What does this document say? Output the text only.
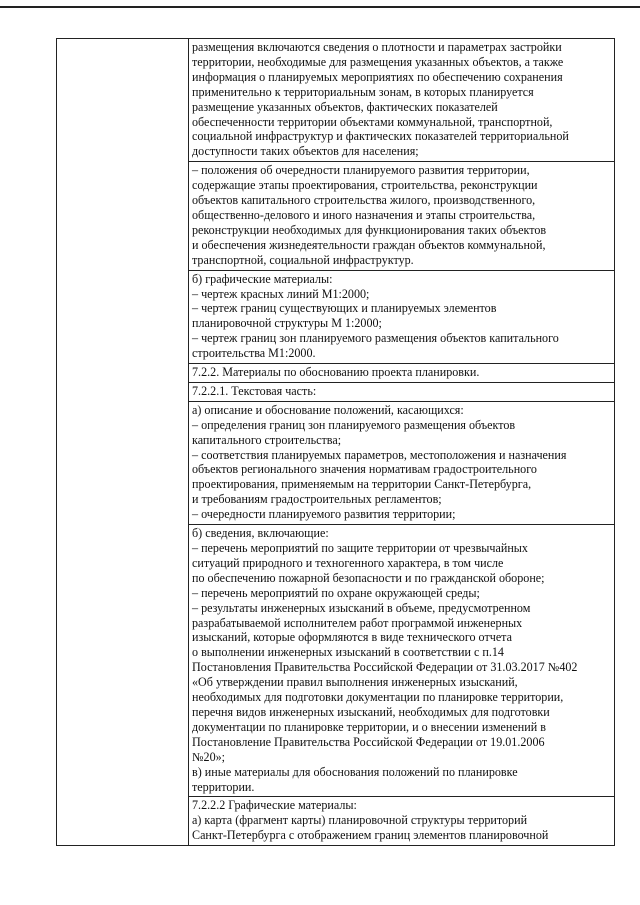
размещения включаются сведения о плотности и параметрах застройки
территории, необходимые для размещения указанных объектов, а также
информация о планируемых мероприятиях по обеспечению сохранения
применительно к территориальным зонам, в которых планируется
размещение указанных объектов, фактических показателей
обеспеченности территории объектами коммунальной, транспортной,
социальной инфраструктур и фактических показателей территориальной
доступности таких объектов для населения;
– положения об очередности планируемого развития территории,
содержащие этапы проектирования, строительства, реконструкции
объектов капитального строительства жилого, производственного,
общественно-делового и иного назначения и этапы строительства,
реконструкции необходимых для функционирования таких объектов
и обеспечения жизнедеятельности граждан объектов коммунальной,
транспортной, социальной инфраструктур.
б) графические материалы:
– чертеж красных линий М1:2000;
– чертеж границ существующих и планируемых элементов
планировочной структуры М 1:2000;
– чертеж границ зон планируемого размещения объектов капитального
строительства М1:2000.
7.2.2. Материалы по обоснованию проекта планировки.
7.2.2.1. Текстовая часть:
а) описание и обоснование положений, касающихся:
– определения границ зон планируемого размещения объектов
капитального строительства;
– соответствия планируемых параметров, местоположения и назначения
объектов регионального значения нормативам градостроительного
проектирования, применяемым на территории Санкт-Петербурга,
и требованиям градостроительных регламентов;
– очередности планируемого развития территории;
б) сведения, включающие:
– перечень мероприятий по защите территории от чрезвычайных
ситуаций природного и техногенного характера, в том числе
по обеспечению пожарной безопасности и по гражданской обороне;
– перечень мероприятий по охране окружающей среды;
– результаты инженерных изысканий в объеме, предусмотренном
разрабатываемой исполнителем работ программой инженерных
изысканий, которые оформляются в виде технического отчета
о выполнении инженерных изысканий в соответствии с п.14
Постановления Правительства Российской Федерации от 31.03.2017 №402
«Об утверждении правил выполнения инженерных изысканий,
необходимых для подготовки документации по планировке территории,
перечня видов инженерных изысканий, необходимых для подготовки
документации по планировке территории, и о внесении изменений в
Постановление Правительства Российской Федерации от 19.01.2006
№20»;
в) иные материалы для обоснования положений по планировке
территории.
7.2.2.2 Графические материалы:
а) карта (фрагмент карты) планировочной структуры территорий
Санкт-Петербурга с отображением границ элементов планировочной
